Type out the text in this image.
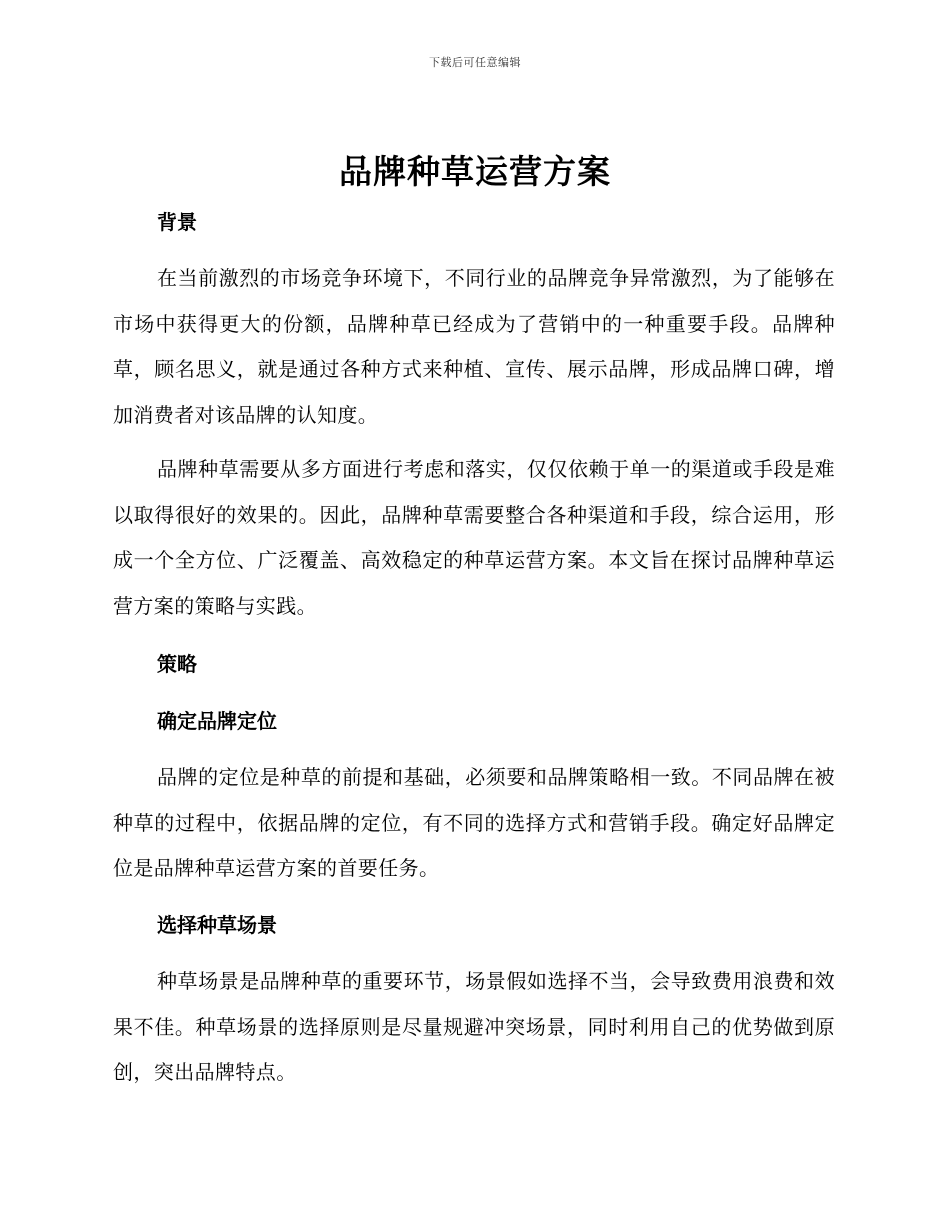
下载后可任意编辑
品牌种草运营方案
背景

在当前激烈的市场竞争环境下，不同行业的品牌竞争异常激烈，为了能够在市场中获得更大的份额，品牌种草已经成为了营销中的一种重要手段。品牌种草，顾名思义，就是通过各种方式来种植、宣传、展示品牌，形成品牌口碑，增加消费者对该品牌的认知度。

品牌种草需要从多方面进行考虑和落实，仅仅依赖于单一的渠道或手段是难以取得很好的效果的。因此，品牌种草需要整合各种渠道和手段，综合运用，形成一个全方位、广泛覆盖、高效稳定的种草运营方案。本文旨在探讨品牌种草运营方案的策略与实践。

策略
确定品牌定位

品牌的定位是种草的前提和基础，必须要和品牌策略相一致。不同品牌在被种草的过程中，依据品牌的定位，有不同的选择方式和营销手段。确定好品牌定位是品牌种草运营方案的首要任务。

选择种草场景

种草场景是品牌种草的重要环节，场景假如选择不当，会导致费用浪费和效果不佳。种草场景的选择原则是尽量规避冲突场景，同时利用自己的优势做到原创，突出品牌特点。
